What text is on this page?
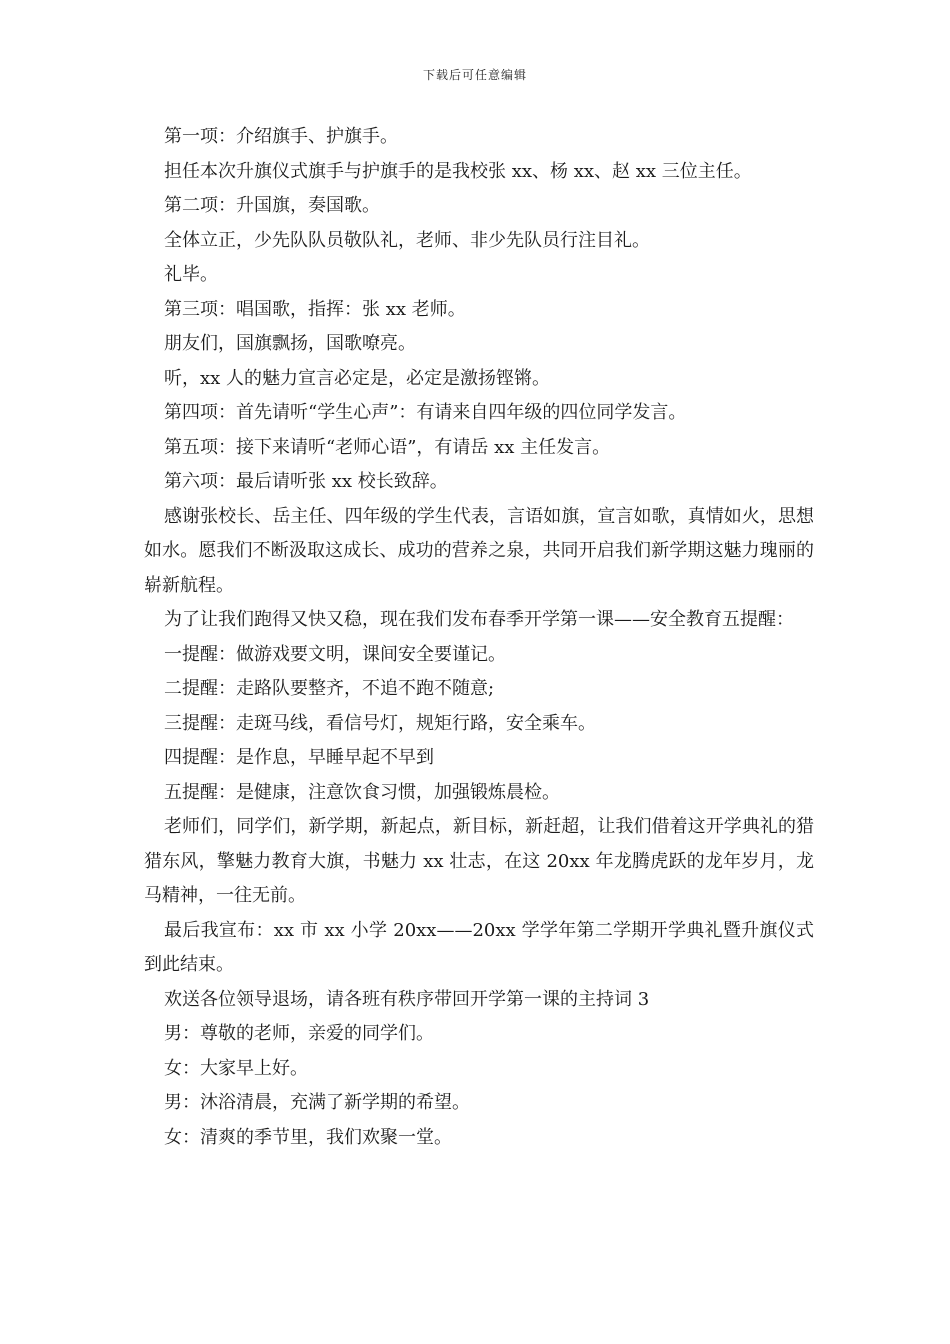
下载后可任意编辑

第一项：介绍旗手、护旗手。

担任本次升旗仪式旗手与护旗手的是我校张 xx、杨 xx、赵 xx 三位主任。

第二项：升国旗，奏国歌。

全体立正，少先队队员敬队礼，老师、非少先队员行注目礼。

礼毕。

第三项：唱国歌，指挥：张 xx 老师。

朋友们，国旗飘扬，国歌嘹亮。

听，xx 人的魅力宣言必定是，必定是激扬铿锵。

第四项：首先请听“学生心声”：有请来自四年级的四位同学发言。

第五项：接下来请听“老师心语”，有请岳 xx 主任发言。

第六项：最后请听张 xx 校长致辞。

感谢张校长、岳主任、四年级的学生代表，言语如旗，宣言如歌，真情如火，思想如水。愿我们不断汲取这成长、成功的营养之泉，共同开启我们新学期这魅力瑰丽的崭新航程。

为了让我们跑得又快又稳，现在我们发布春季开学第一课——安全教育五提醒：

一提醒：做游戏要文明，课间安全要谨记。

二提醒：走路队要整齐，不追不跑不随意;

三提醒：走斑马线，看信号灯，规矩行路，安全乘车。

四提醒：是作息，早睡早起不早到

五提醒：是健康，注意饮食习惯，加强锻炼晨检。

老师们，同学们，新学期，新起点，新目标，新赶超，让我们借着这开学典礼的猎猎东风，擎魅力教育大旗，书魅力 xx 壮志，在这 20xx 年龙腾虎跃的龙年岁月，龙马精神，一往无前。

最后我宣布：xx 市 xx 小学 20xx——20xx 学学年第二学期开学典礼暨升旗仪式到此结束。

欢送各位领导退场，请各班有秩序带回开学第一课的主持词 3

男：尊敬的老师，亲爱的同学们。

女：大家早上好。

男：沐浴清晨，充满了新学期的希望。

女：清爽的季节里，我们欢聚一堂。
